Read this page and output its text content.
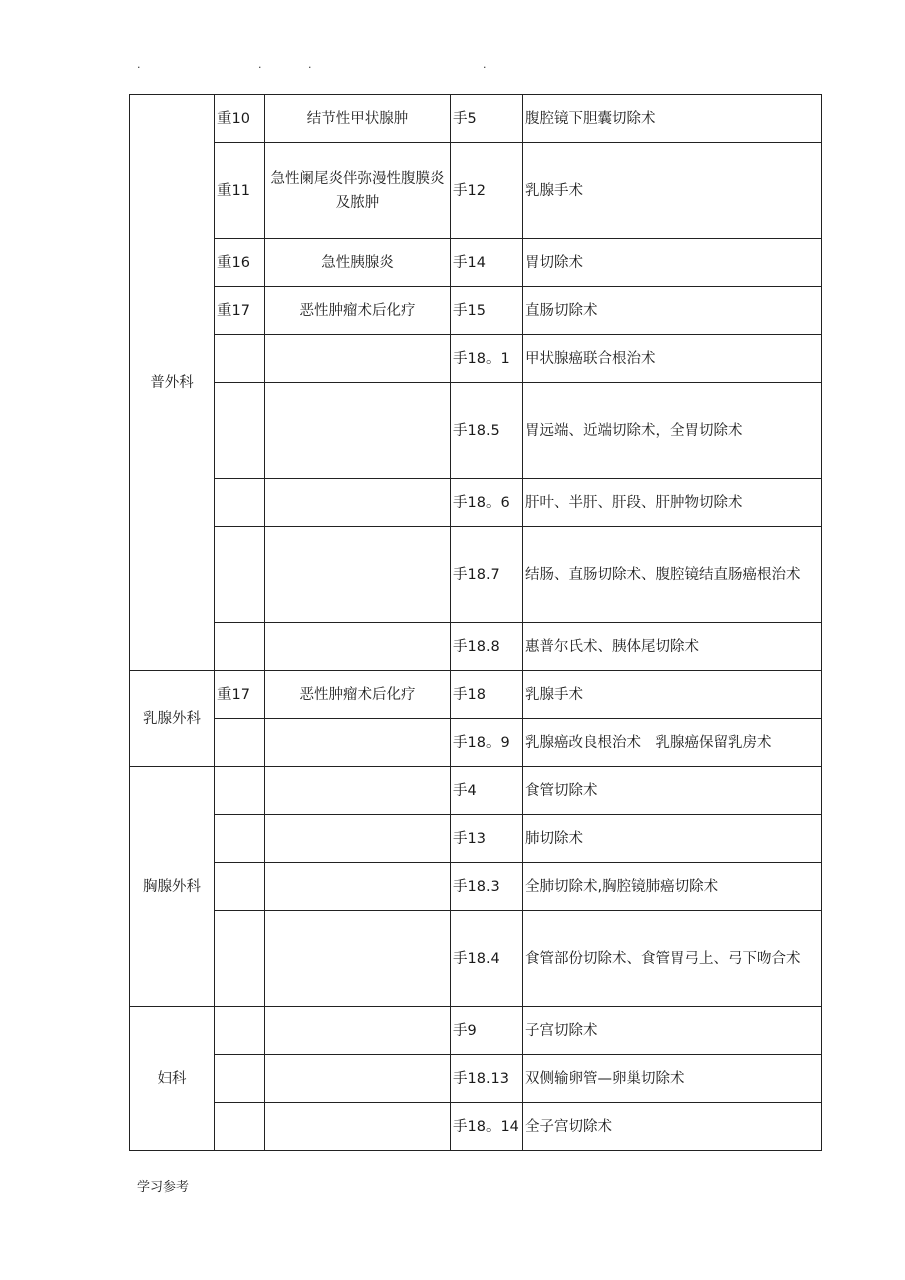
.	.	.	.
普外科	重10	结节性甲状腺肿	手5	腹腔镜下胆囊切除术
	重11	急性阑尾炎伴弥漫性腹膜炎及脓肿	手12	乳腺手术
	重16	急性胰腺炎	手14	胃切除术
	重17	恶性肿瘤术后化疗	手15	直肠切除术
			手18。1	甲状腺癌联合根治术
			手18.5	胃远端、近端切除术，全胃切除术
			手18。6	肝叶、半肝、肝段、肝肿物切除术
			手18.7	结肠、直肠切除术、腹腔镜结直肠癌根治术
			手18.8	惠普尔氏术、胰体尾切除术
乳腺外科	重17	恶性肿瘤术后化疗	手18	乳腺手术
			手18。9	乳腺癌改良根治术　乳腺癌保留乳房术
胸腺外科			手4	食管切除术
			手13	肺切除术
			手18.3	全肺切除术,胸腔镜肺癌切除术
			手18.4	食管部份切除术、食管胃弓上、弓下吻合术
妇科			手9	子宫切除术
			手18.13	双侧输卵管—卵巢切除术
			手18。14	全子宫切除术
学习参考
